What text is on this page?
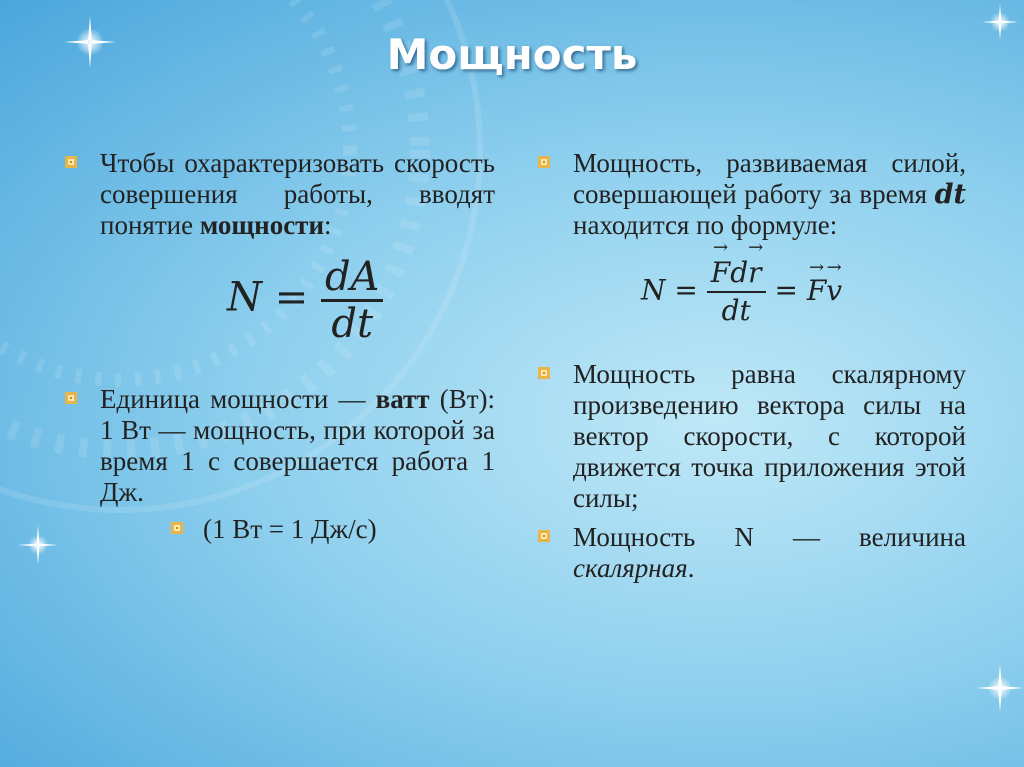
Мощность
Чтобы охарактеризовать скорость совершения работы, вводят понятие мощности:
$N = \frac{dA}{dt}$
Единица мощности — ватт (Вт): 1 Вт — мощность, при которой за время 1 с совершается работа 1 Дж.
(1 Вт = 1 Дж/с)
Мощность, развиваемая силой, совершающей работу за время dt находится по формуле:
N = → $\frac{Fd\to r}{dt}$ = → F→ v
Мощность равна скалярному произведению вектора силы на вектор скорости, с которой движется точка приложения этой силы;
Мощность N — величина скалярная.
